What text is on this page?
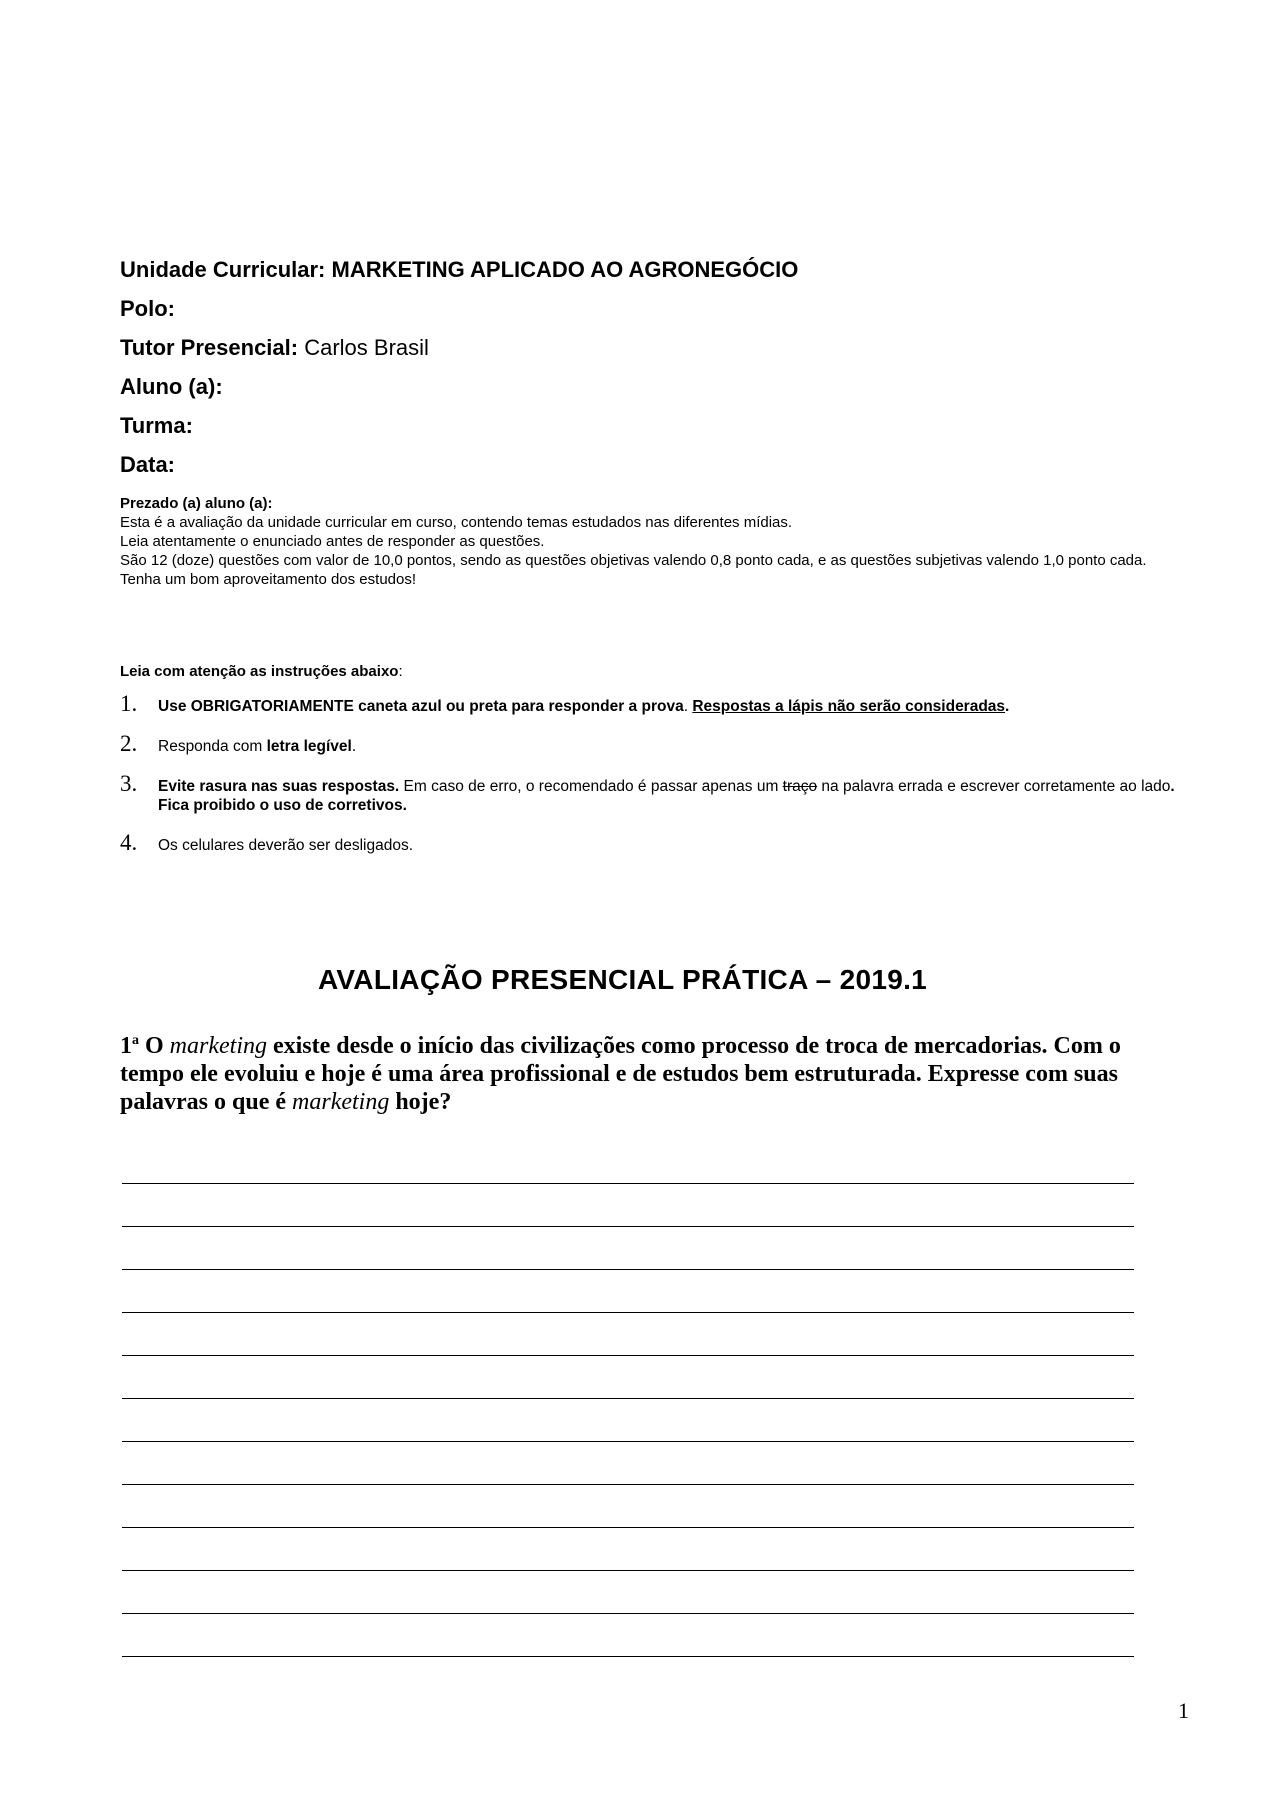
Unidade Curricular: MARKETING APLICADO AO AGRONEGÓCIO
Polo:
Tutor Presencial: Carlos Brasil
Aluno (a):
Turma:
Data:
Prezado (a) aluno (a):
Esta é a avaliação da unidade curricular em curso, contendo temas estudados nas diferentes mídias.
Leia atentamente o enunciado antes de responder as questões.
São 12 (doze) questões com valor de 10,0 pontos, sendo as questões objetivas valendo 0,8 ponto cada, e as questões subjetivas valendo 1,0 ponto cada.
Tenha um bom aproveitamento dos estudos!
Leia com atenção as instruções abaixo:
1. Use OBRIGATORIAMENTE caneta azul ou preta para responder a prova. Respostas a lápis não serão consideradas.
2. Responda com letra legível.
3. Evite rasura nas suas respostas. Em caso de erro, o recomendado é passar apenas um traço na palavra errada e escrever corretamente ao lado. Fica proibido o uso de corretivos.
4. Os celulares deverão ser desligados.
AVALIAÇÃO PRESENCIAL PRÁTICA – 2019.1
1$^a$ O marketing existe desde o início das civilizações como processo de troca de mercadorias. Com o tempo ele evoluiu e hoje é uma área profissional e de estudos bem estruturada. Expresse com suas palavras o que é marketing hoje?
1
